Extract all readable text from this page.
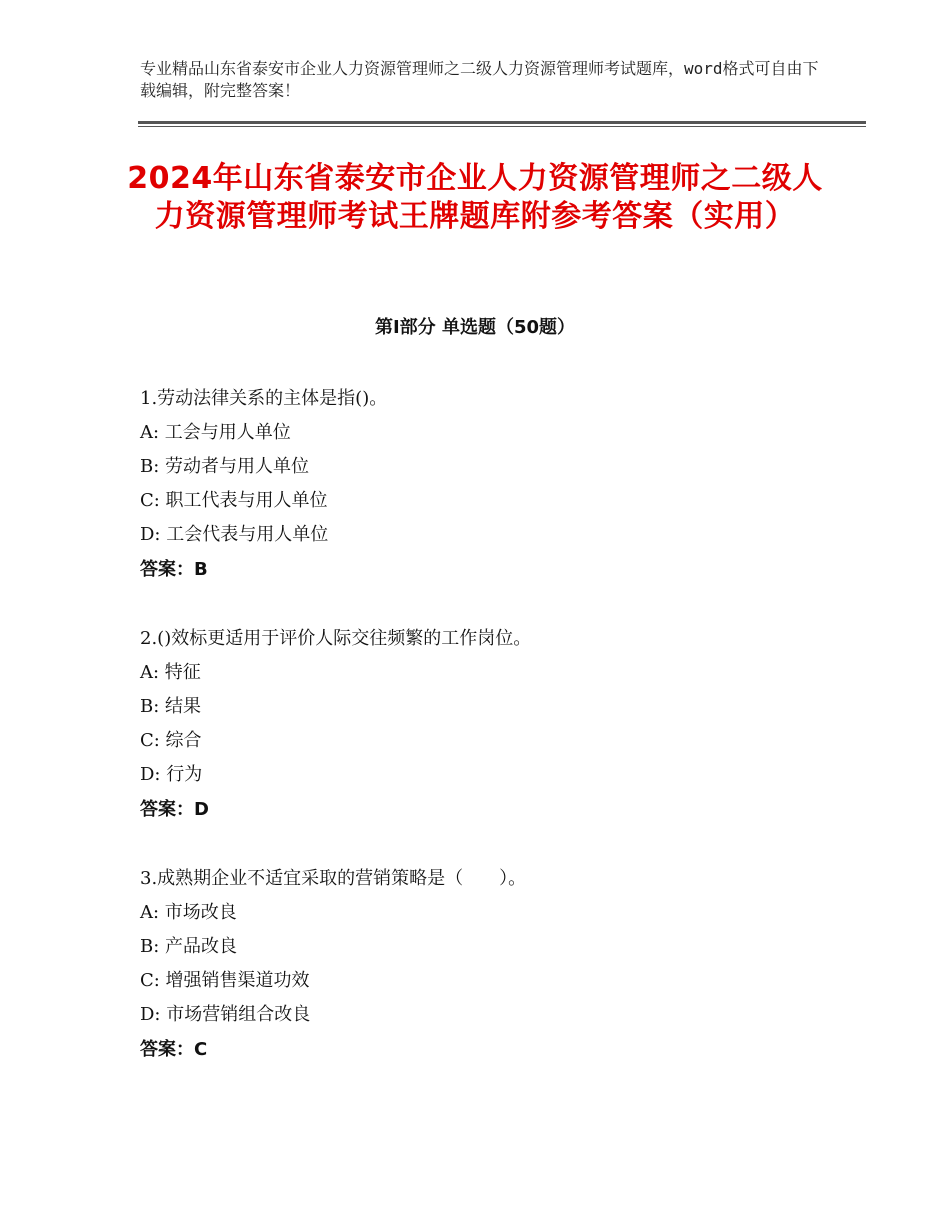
专业精品山东省泰安市企业人力资源管理师之二级人力资源管理师考试题库，word格式可自由下载编辑，附完整答案！
2024年山东省泰安市企业人力资源管理师之二级人力资源管理师考试王牌题库附参考答案（实用）
第Ⅰ部分 单选题（50题）
1.劳动法律关系的主体是指()。
A: 工会与用人单位
B: 劳动者与用人单位
C: 职工代表与用人单位
D: 工会代表与用人单位
答案：B
2.()效标更适用于评价人际交往频繁的工作岗位。
A: 特征
B: 结果
C: 综合
D: 行为
答案：D
3.成熟期企业不适宜采取的营销策略是（　　）。
A: 市场改良
B: 产品改良
C: 增强销售渠道功效
D: 市场营销组合改良
答案：C
